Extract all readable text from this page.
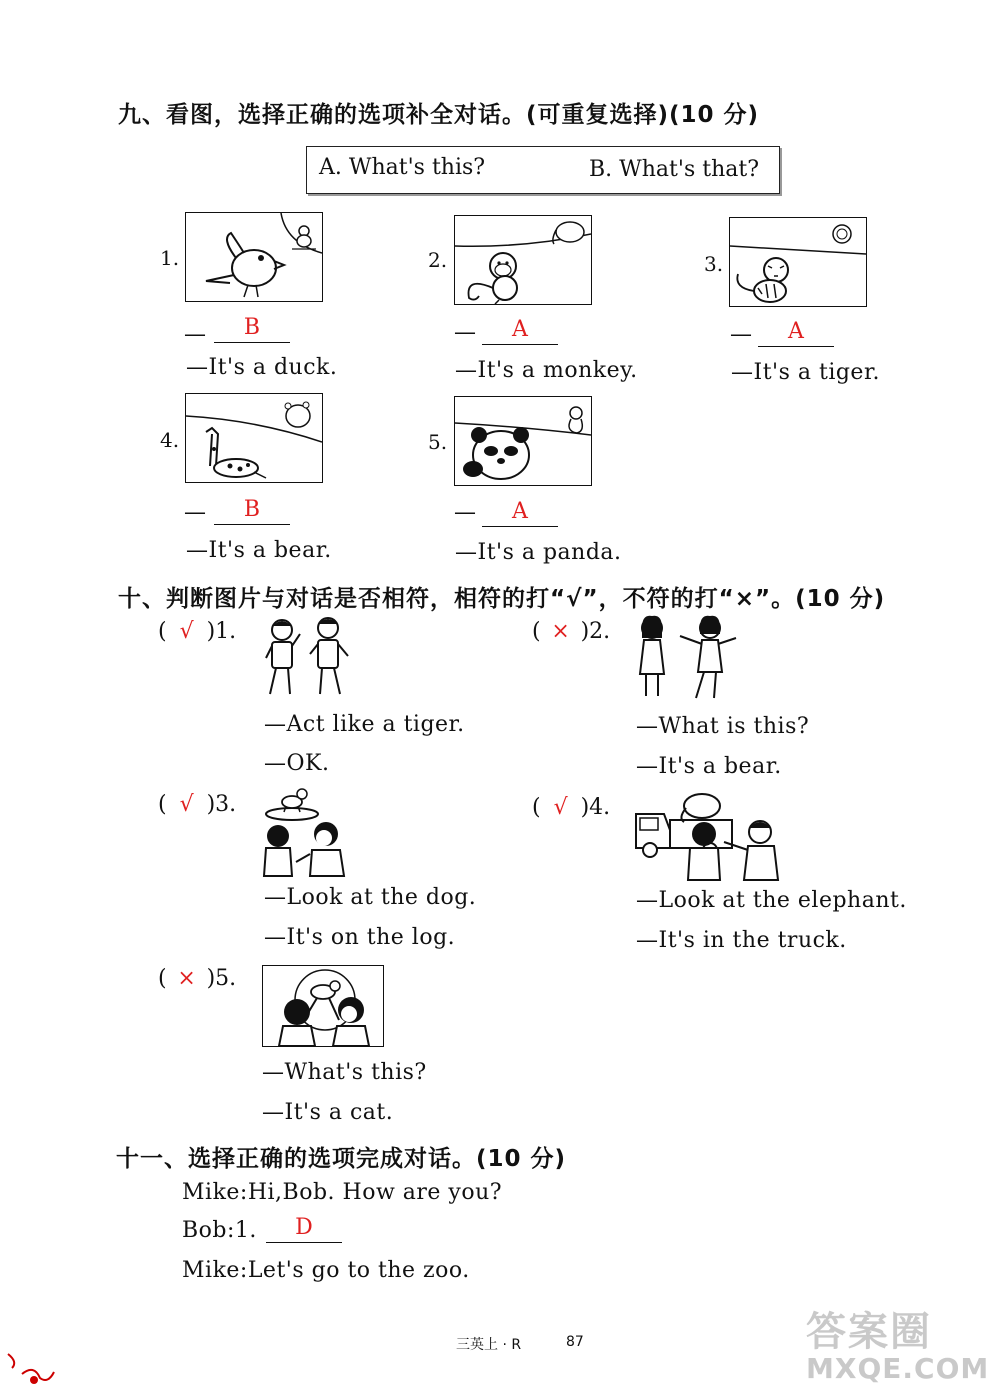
九、看图，选择正确的选项补全对话。(可重复选择)(10 分)
A. What's this?	B. What's that?
1.
—	B
—It's a duck.
2.
—	A
—It's a monkey.
3.
—	A
—It's a tiger.
4.
—	B
—It's a bear.
5.
—	A
—It's a panda.
十、判断图片与对话是否相符，相符的打“√”，不符的打“×”。(10 分)
( √ )1.
—Act like a tiger.
—OK.
( × )2.
—What is this?
—It's a bear.
( √ )3.
—Look at the dog.
—It's on the log.
( √ )4.
—Look at the elephant.
—It's in the truck.
( × )5.
—What's this?
—It's a cat.
十一、选择正确的选项完成对话。(10 分)
Mike:Hi,Bob. How are you?
Bob:1.	D
Mike:Let's go to the zoo.
三英上 · R	87	答案圈
MXQE.COM
